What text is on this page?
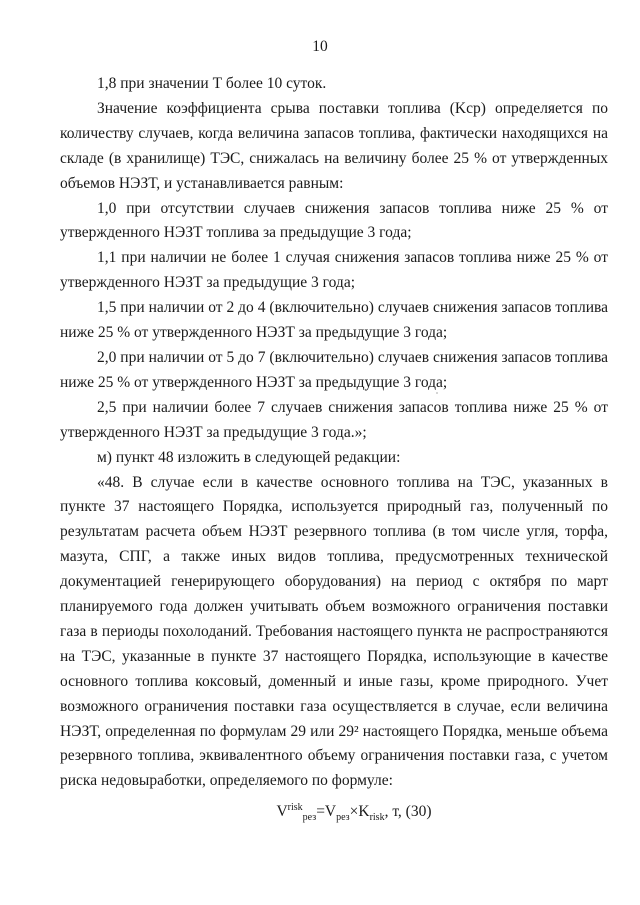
10

1,8 при значении Т более 10 суток.

Значение коэффициента срыва поставки топлива (Kср) определяется по количеству случаев, когда величина запасов топлива, фактически находящихся на складе (в хранилище) ТЭС, снижалась на величину более 25 % от утвержденных объемов НЭЗТ, и устанавливается равным:

1,0 при отсутствии случаев снижения запасов топлива ниже 25 % от утвержденного НЭЗТ топлива за предыдущие 3 года;

1,1 при наличии не более 1 случая снижения запасов топлива ниже 25 % от утвержденного НЭЗТ за предыдущие 3 года;

1,5 при наличии от 2 до 4 (включительно) случаев снижения запасов топлива ниже 25 % от утвержденного НЭЗТ за предыдущие 3 года;

2,0 при наличии от 5 до 7 (включительно) случаев снижения запасов топлива ниже 25 % от утвержденного НЭЗТ за предыдущие 3 года;

2,5 при наличии более 7 случаев снижения запасов топлива ниже 25 % от утвержденного НЭЗТ за предыдущие 3 года.»;

м) пункт 48 изложить в следующей редакции:

«48. В случае если в качестве основного топлива на ТЭС, указанных в пункте 37 настоящего Порядка, используется природный газ, полученный по результатам расчета объем НЭЗТ резервного топлива (в том числе угля, торфа, мазута, СПГ, а также иных видов топлива, предусмотренных технической документацией генерирующего оборудования) на период с октября по март планируемого года должен учитывать объем возможного ограничения поставки газа в периоды похолоданий. Требования настоящего пункта не распространяются на ТЭС, указанные в пункте 37 настоящего Порядка, использующие в качестве основного топлива коксовый, доменный и иные газы, кроме природного. Учет возможного ограничения поставки газа осуществляется в случае, если величина НЭЗТ, определенная по формулам 29 или 29² настоящего Порядка, меньше объема резервного топлива, эквивалентного объему ограничения поставки газа, с учетом риска недовыработки, определяемого по формуле:

$V^{risk}_{рез}=V_{рез}\times K_{risk}$, т, (30)
